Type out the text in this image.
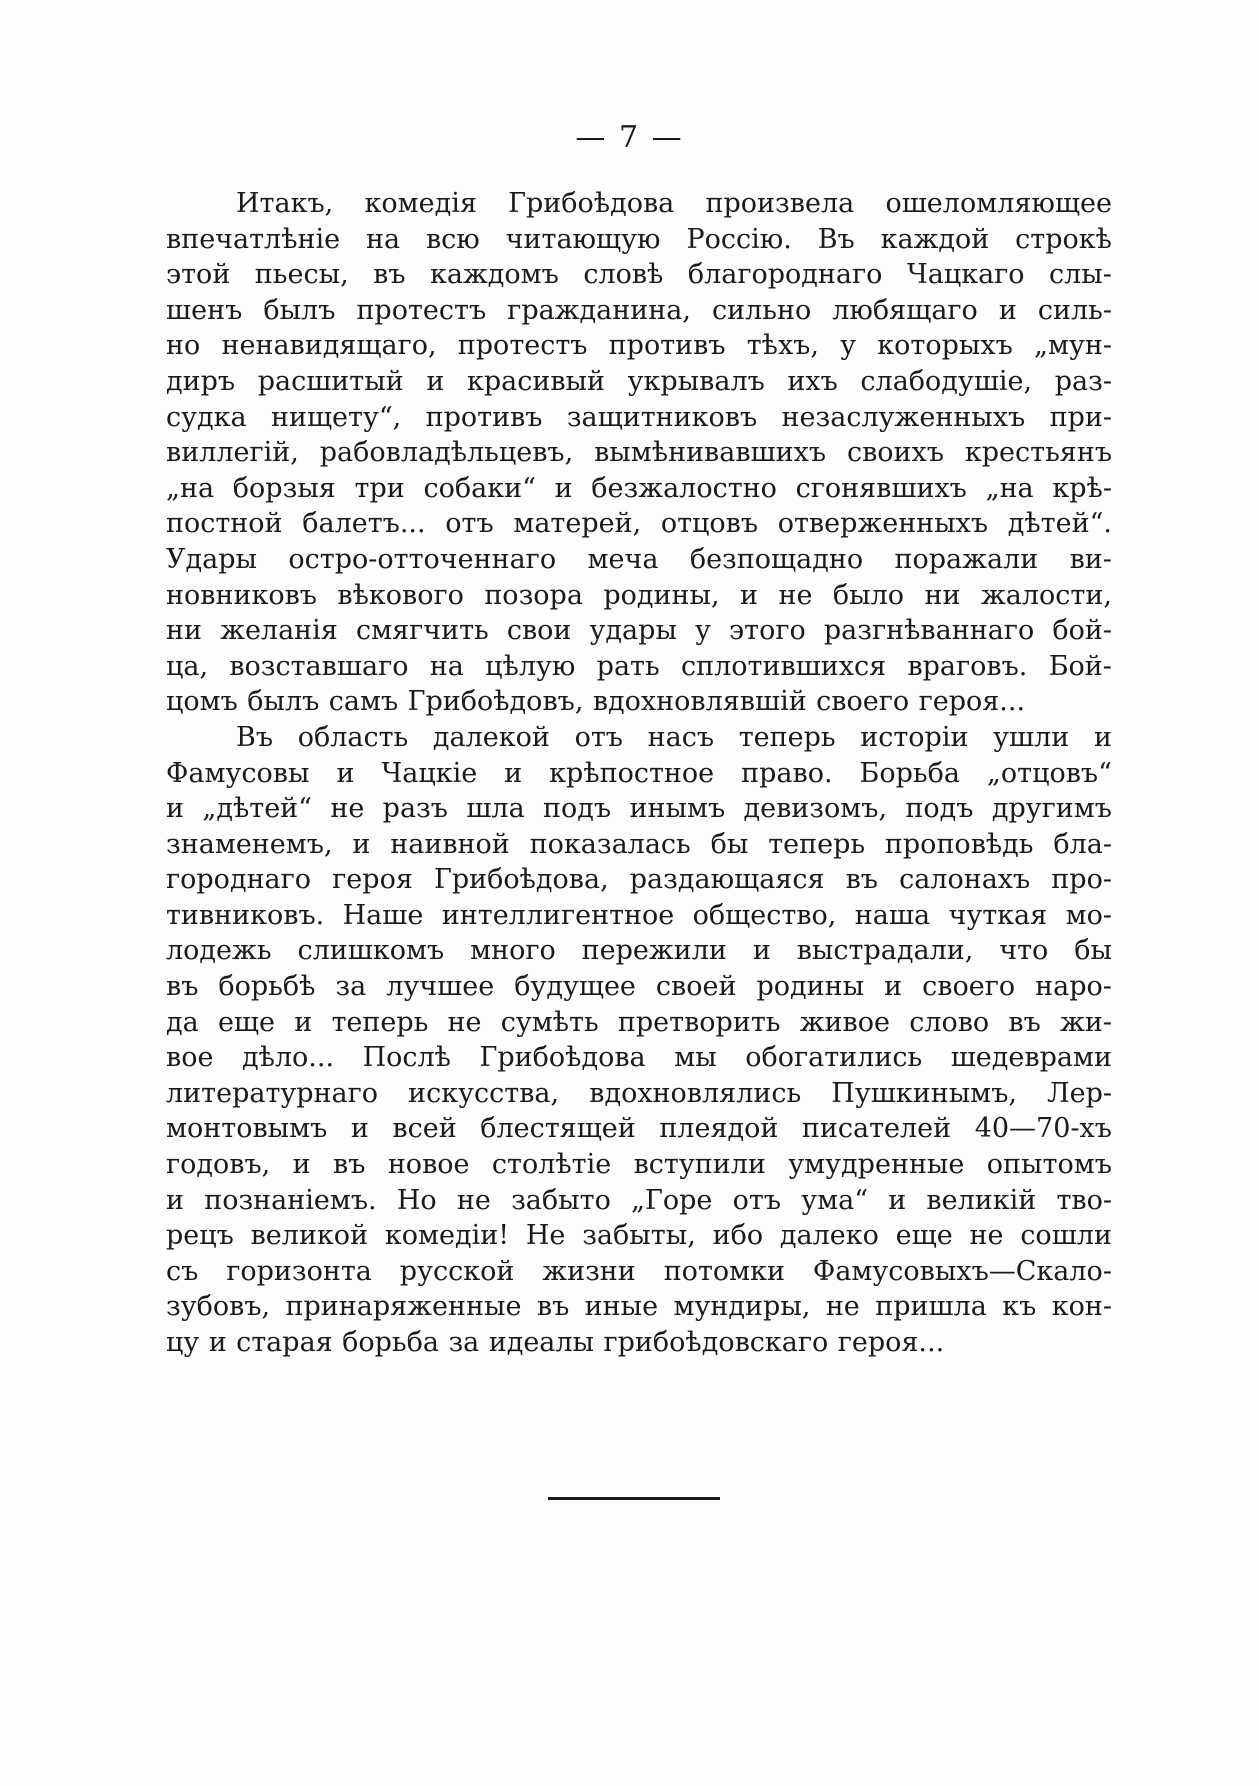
— 7 —
Итакъ, комедія Грибоѣдова произвела ошеломляющее
впечатлѣніе на всю читающую Россію. Въ каждой строкѣ
этой пьесы, въ каждомъ словѣ благороднаго Чацкаго слы-
шенъ былъ протестъ гражданина, сильно любящаго и силь-
но ненавидящаго, протестъ противъ тѣхъ, у которыхъ „мун-
диръ расшитый и красивый укрывалъ ихъ слабодушіе, раз-
судка нищету“, противъ защитниковъ незаслуженныхъ при-
виллегій, рабовладѣльцевъ, вымѣнивавшихъ своихъ крестьянъ
„на борзыя три собаки“ и безжалостно сгонявшихъ „на крѣ-
постной балетъ... отъ матерей, отцовъ отверженныхъ дѣтей“.
Удары остро-отточеннаго меча безпощадно поражали ви-
новниковъ вѣкового позора родины, и не было ни жалости,
ни желанія смягчить свои удары у этого разгнѣваннаго бой-
ца, возставшаго на цѣлую рать сплотившихся враговъ. Бой-
цомъ былъ самъ Грибоѣдовъ, вдохновлявшій своего героя...
Въ область далекой отъ насъ теперь исторіи ушли и
Фамусовы и Чацкіе и крѣпостное право. Борьба „отцовъ“
и „дѣтей“ не разъ шла подъ инымъ девизомъ, подъ другимъ
знаменемъ, и наивной показалась бы теперь проповѣдь бла-
городнаго героя Грибоѣдова, раздающаяся въ салонахъ про-
тивниковъ. Наше интеллигентное общество, наша чуткая мо-
лодежь слишкомъ много пережили и выстрадали, что бы
въ борьбѣ за лучшее будущее своей родины и своего наро-
да еще и теперь не сумѣть претворить живое слово въ жи-
вое дѣло... Послѣ Грибоѣдова мы обогатились шедеврами
литературнаго искусства, вдохновлялись Пушкинымъ, Лер-
монтовымъ и всей блестящей плеядой писателей 40—70-хъ
годовъ, и въ новое столѣтіе вступили умудренные опытомъ
и познаніемъ. Но не забыто „Горе отъ ума“ и великій тво-
рецъ великой комедіи! Не забыты, ибо далеко еще не сошли
съ горизонта русской жизни потомки Фамусовыхъ—Скало-
зубовъ, принаряженные въ иные мундиры, не пришла къ кон-
цу и старая борьба за идеалы грибоѣдовскаго героя...
